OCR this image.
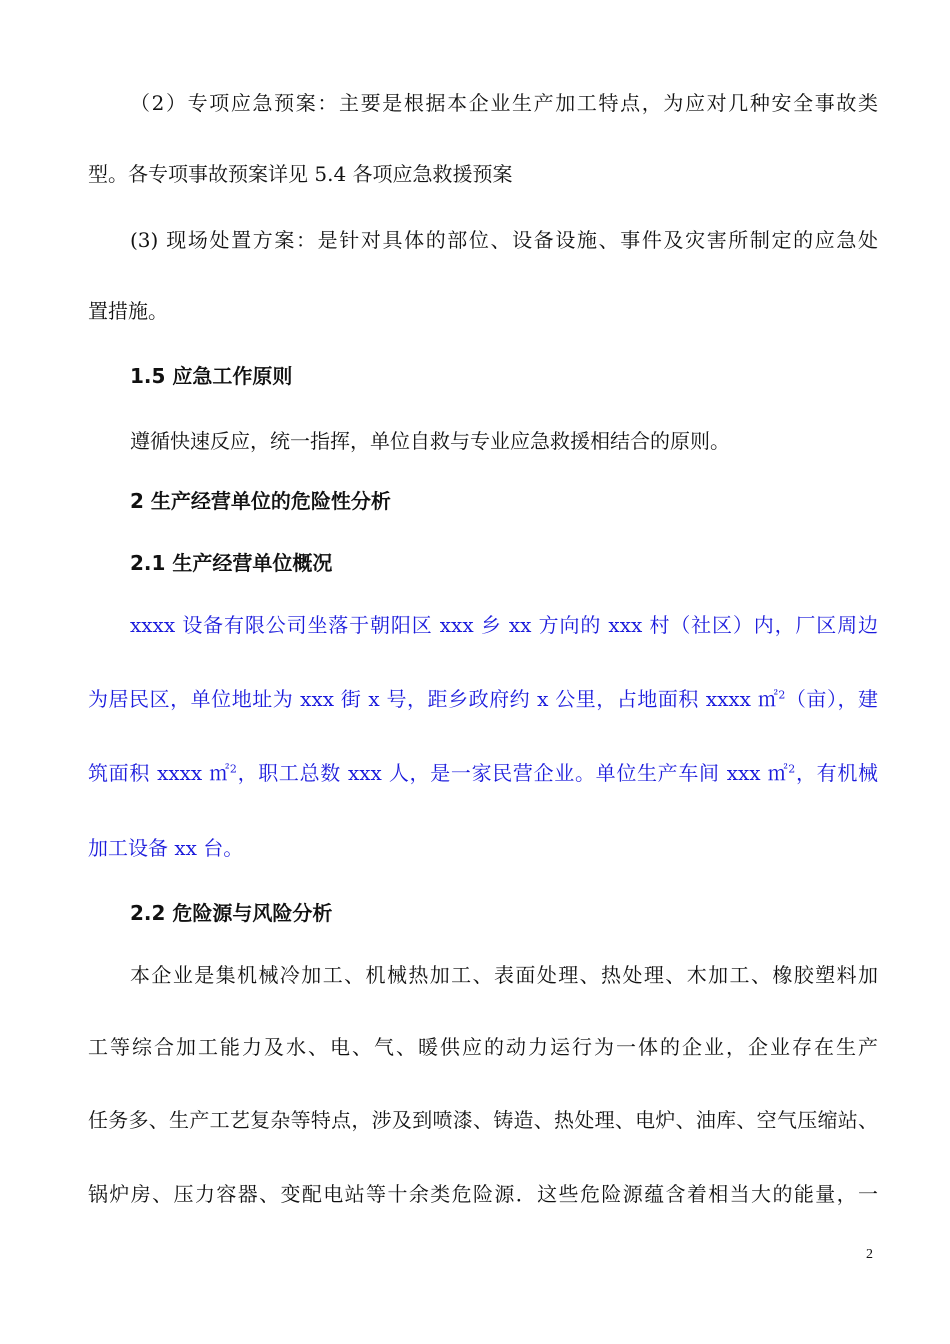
（2）专项应急预案：主要是根据本企业生产加工特点，为应对几种安全事故类
型。各专项事故预案详见 5.4 各项应急救援预案
(3) 现场处置方案：是针对具体的部位、设备设施、事件及灾害所制定的应急处
置措施。
1.5 应急工作原则
遵循快速反应，统一指挥，单位自救与专业应急救援相结合的原则。
2 生产经营单位的危险性分析
2.1 生产经营单位概况
xxxx 设备有限公司坐落于朝阳区 xxx 乡 xx 方向的 xxx 村（社区）内，厂区周边
为居民区，单位地址为 xxx 街 x 号，距乡政府约 x 公里，占地面积 xxxx ㎡$^2$（亩），建
筑面积 xxxx ㎡$^2$，职工总数 xxx 人，是一家民营企业。单位生产车间 xxx ㎡$^2$，有机械
加工设备 xx 台。
2.2 危险源与风险分析
本企业是集机械冷加工、机械热加工、表面处理、热处理、木加工、橡胶塑料加
工等综合加工能力及水、电、气、暖供应的动力运行为一体的企业，企业存在生产
任务多、生产工艺复杂等特点，涉及到喷漆、铸造、热处理、电炉、油库、空气压缩站、
锅炉房、压力容器、变配电站等十余类危险源．这些危险源蕴含着相当大的能量，一
2
